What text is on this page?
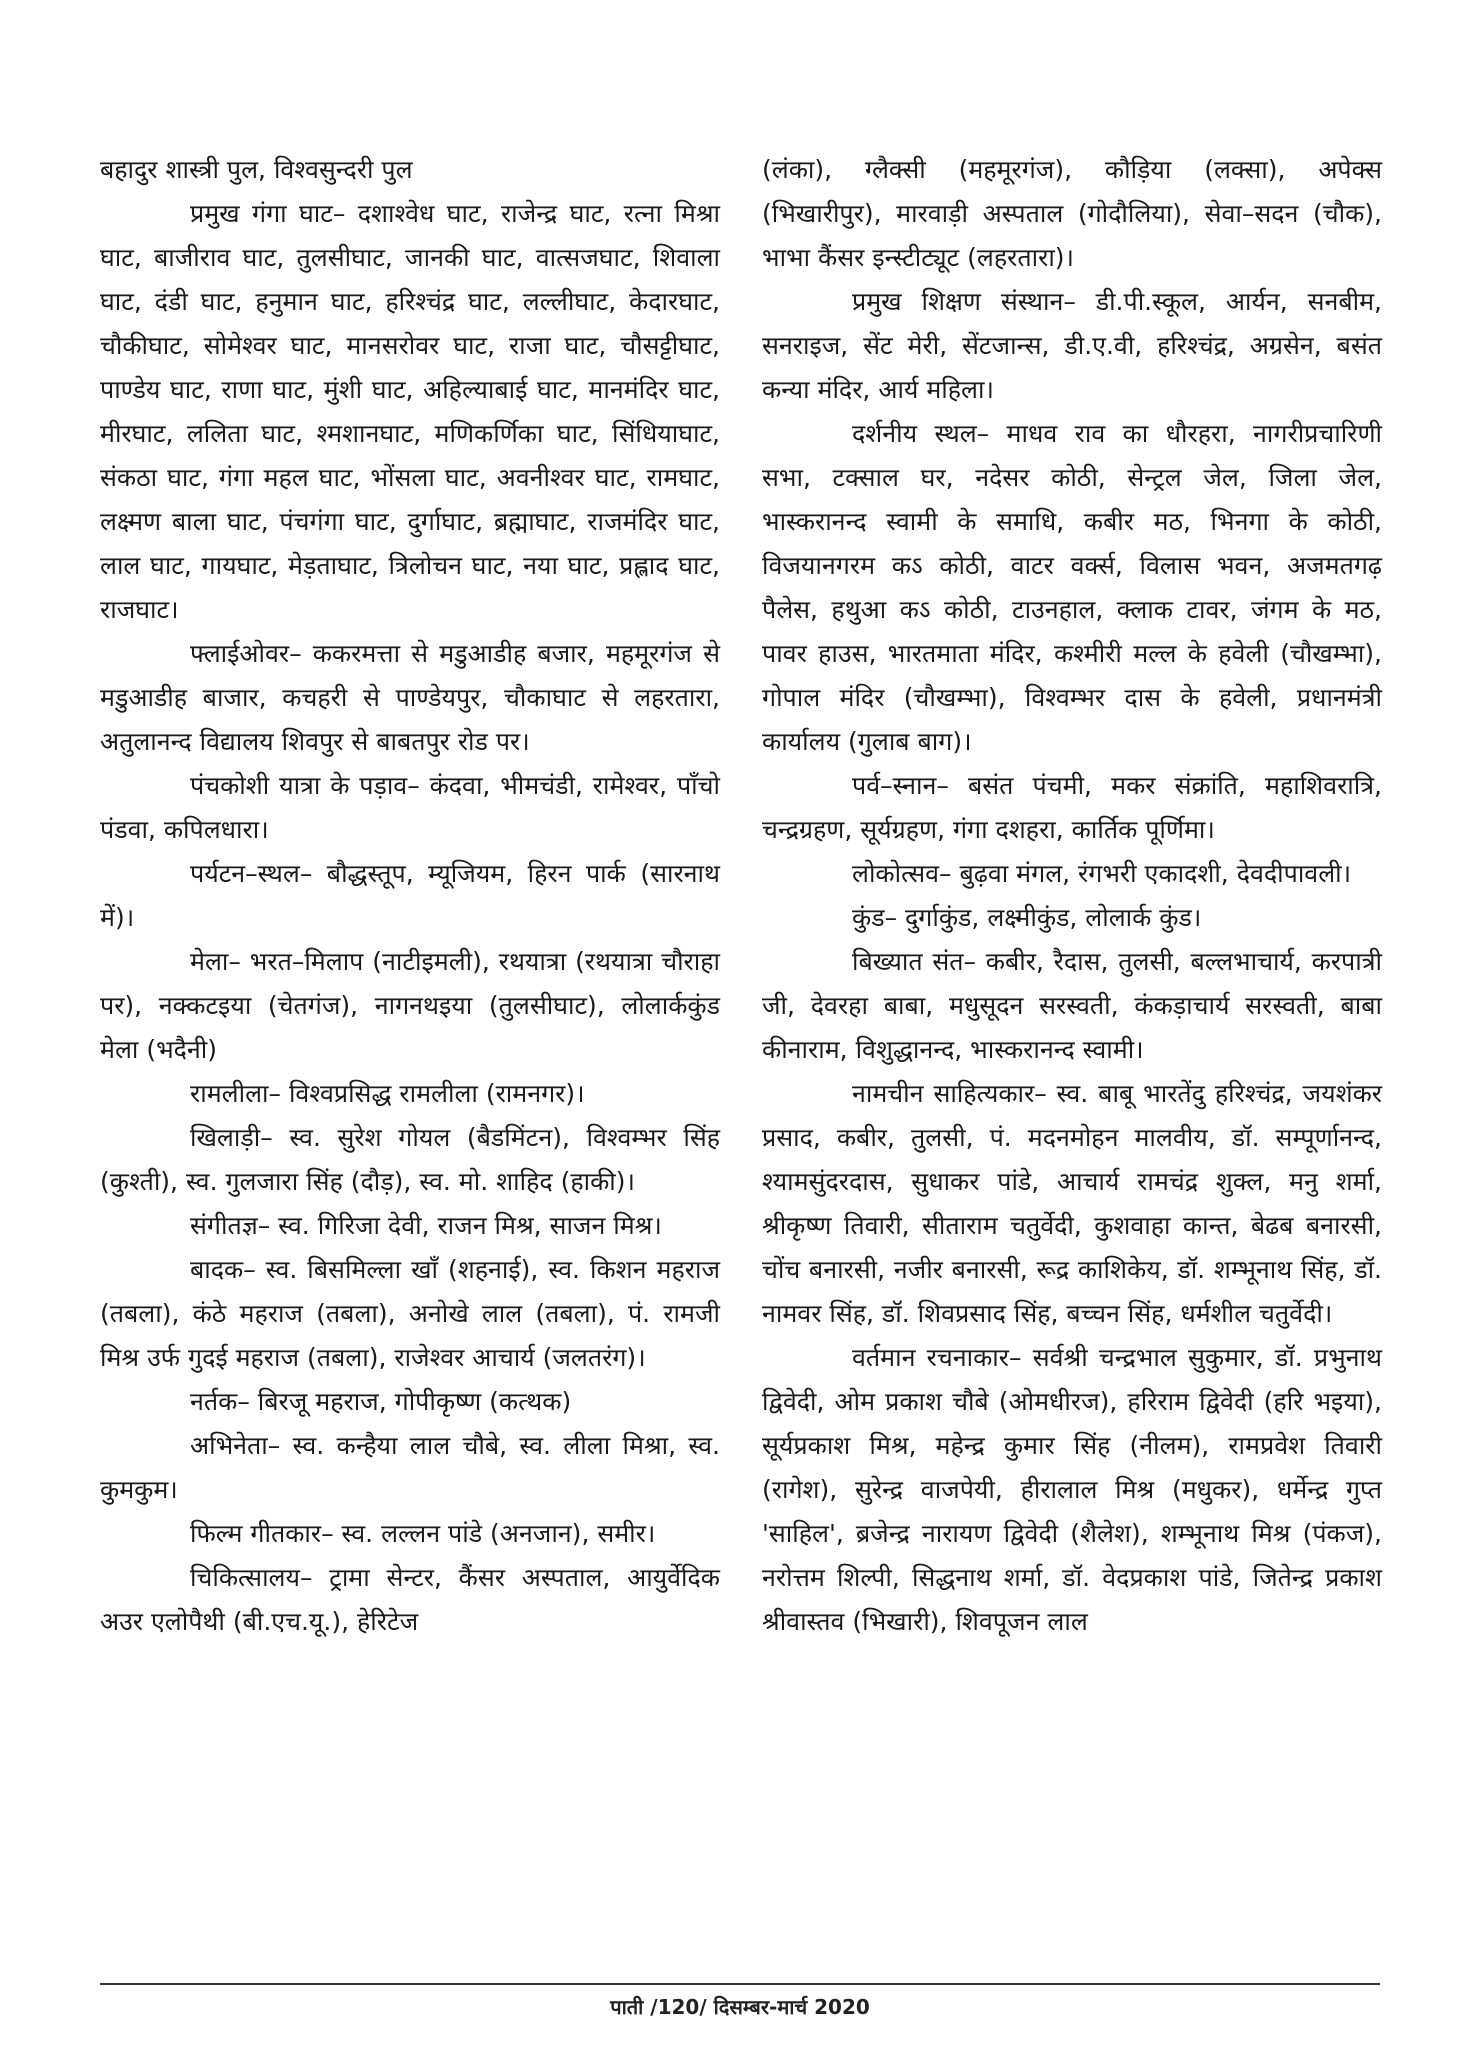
बहादुर शास्त्री पुल, विश्वसुन्दरी पुल

प्रमुख गंगा घाट– दशाश्वेध घाट, राजेन्द्र घाट, रत्ना मिश्रा घाट, बाजीराव घाट, तुलसीघाट, जानकी घाट, वात्सजघाट, शिवाला घाट, दंडी घाट, हनुमान घाट, हरिश्चंद्र घाट, लल्लीघाट, केदारघाट, चौकीघाट, सोमेश्वर घाट, मानसरोवर घाट, राजा घाट, चौसट्टीघाट, पाण्डेय घाट, राणा घाट, मुंशी घाट, अहिल्याबाई घाट, मानमंदिर घाट, मीरघाट, ललिता घाट, श्मशानघाट, मणिकर्णिका घाट, सिंधियाघाट, संकठा घाट, गंगा महल घाट, भोंसला घाट, अवनीश्वर घाट, रामघाट, लक्ष्मण बाला घाट, पंचगंगा घाट, दुर्गाघाट, ब्रह्माघाट, राजमंदिर घाट, लाल घाट, गायघाट, मेड़ताघाट, त्रिलोचन घाट, नया घाट, प्रह्लाद घाट, राजघाट।

फ्लाईओवर– ककरमत्ता से मडुआडीह बजार, महमूरगंज से मडुआडीह बाजार, कचहरी से पाण्डेयपुर, चौकाघाट से लहरतारा, अतुलानन्द विद्यालय शिवपुर से बाबतपुर रोड पर।

पंचकोशी यात्रा के पड़ाव– कंदवा, भीमचंडी, रामेश्वर, पाँचो पंडवा, कपिलधारा।

पर्यटन–स्थल– बौद्धस्तूप, म्यूजियम, हिरन पार्क (सारनाथ में)।

मेला– भरत–मिलाप (नाटीइमली), रथयात्रा (रथयात्रा चौराहा पर), नक्कटइया (चेतगंज), नागनथइया (तुलसीघाट), लोलार्ककुंड मेला (भदैनी)

रामलीला– विश्वप्रसिद्ध रामलीला (रामनगर)।

खिलाड़ी– स्व. सुरेश गोयल (बैडमिंटन), विश्वम्भर सिंह (कुश्ती), स्व. गुलजारा सिंह (दौड़), स्व. मो. शाहिद (हाकी)।

संगीतज्ञ– स्व. गिरिजा देवी, राजन मिश्र, साजन मिश्र।

बादक– स्व. बिसमिल्ला खाँ (शहनाई), स्व. किशन महराज (तबला), कंठे महराज (तबला), अनोखे लाल (तबला), पं. रामजी मिश्र उर्फ गुदई महराज (तबला), राजेश्वर आचार्य (जलतरंग)।

नर्तक– बिरजू महराज, गोपीकृष्ण (कत्थक)

अभिनेता– स्व. कन्हैया लाल चौबे, स्व. लीला मिश्रा, स्व. कुमकुम।

फिल्म गीतकार– स्व. लल्लन पांडे (अनजान), समीर।

चिकित्सालय– ट्रामा सेन्टर, कैंसर अस्पताल, आयुर्वेदिक अउर एलोपैथी (बी.एच.यू.), हेरिटेज

(लंका), ग्लैक्सी (महमूरगंज), कौड़िया (लक्सा), अपेक्स (भिखारीपुर), मारवाड़ी अस्पताल (गोदौलिया), सेवा–सदन (चौक), भाभा कैंसर इन्स्टीट्यूट (लहरतारा)।

प्रमुख शिक्षण संस्थान– डी.पी.स्कूल, आर्यन, सनबीम, सनराइज, सेंट मेरी, सेंटजान्स, डी.ए.वी, हरिश्चंद्र, अग्रसेन, बसंत कन्या मंदिर, आर्य महिला।

दर्शनीय स्थल– माधव राव का धौरहरा, नागरीप्रचारिणी सभा, टक्साल घर, नदेसर कोठी, सेन्ट्रल जेल, जिला जेल, भास्करानन्द स्वामी के समाधि, कबीर मठ, भिनगा के कोठी, विजयानगरम कऽ कोठी, वाटर वर्क्स, विलास भवन, अजमतगढ़ पैलेस, हथुआ कऽ कोठी, टाउनहाल, क्लाक टावर, जंगम के मठ, पावर हाउस, भारतमाता मंदिर, कश्मीरी मल्ल के हवेली (चौखम्भा), गोपाल मंदिर (चौखम्भा), विश्वम्भर दास के हवेली, प्रधानमंत्री कार्यालय (गुलाब बाग)।

पर्व–स्नान– बसंत पंचमी, मकर संक्रांति, महाशिवरात्रि, चन्द्रग्रहण, सूर्यग्रहण, गंगा दशहरा, कार्तिक पूर्णिमा।

लोकोत्सव– बुढ़वा मंगल, रंगभरी एकादशी, देवदीपावली।

कुंड– दुर्गाकुंड, लक्ष्मीकुंड, लोलार्क कुंड।

बिख्यात संत– कबीर, रैदास, तुलसी, बल्लभाचार्य, करपात्री जी, देवरहा बाबा, मधुसूदन सरस्वती, कंकड़ाचार्य सरस्वती, बाबा कीनाराम, विशुद्धानन्द, भास्करानन्द स्वामी।

नामचीन साहित्यकार– स्व. बाबू भारतेंदु हरिश्चंद्र, जयशंकर प्रसाद, कबीर, तुलसी, पं. मदनमोहन मालवीय, डॉ. सम्पूर्णानन्द, श्यामसुंदरदास, सुधाकर पांडे, आचार्य रामचंद्र शुक्ल, मनु शर्मा, श्रीकृष्ण तिवारी, सीताराम चतुर्वेदी, कुशवाहा कान्त, बेढब बनारसी, चोंच बनारसी, नजीर बनारसी, रूद्र काशिकेय, डॉ. शम्भूनाथ सिंह, डॉ. नामवर सिंह, डॉ. शिवप्रसाद सिंह, बच्चन सिंह, धर्मशील चतुर्वेदी।

वर्तमान रचनाकार– सर्वश्री चन्द्रभाल सुकुमार, डॉ. प्रभुनाथ द्विवेदी, ओम प्रकाश चौबे (ओमधीरज), हरिराम द्विवेदी (हरि भइया), सूर्यप्रकाश मिश्र, महेन्द्र कुमार सिंह (नीलम), रामप्रवेश तिवारी (रागेश), सुरेन्द्र वाजपेयी, हीरालाल मिश्र (मधुकर), धर्मेन्द्र गुप्त 'साहिल', ब्रजेन्द्र नारायण द्विवेदी (शैलेश), शम्भूनाथ मिश्र (पंकज), नरोत्तम शिल्पी, सिद्धनाथ शर्मा, डॉ. वेदप्रकाश पांडे, जितेन्द्र प्रकाश श्रीवास्तव (भिखारी), शिवपूजन लाल

पाती /120/ दिसम्बर-मार्च 2020
